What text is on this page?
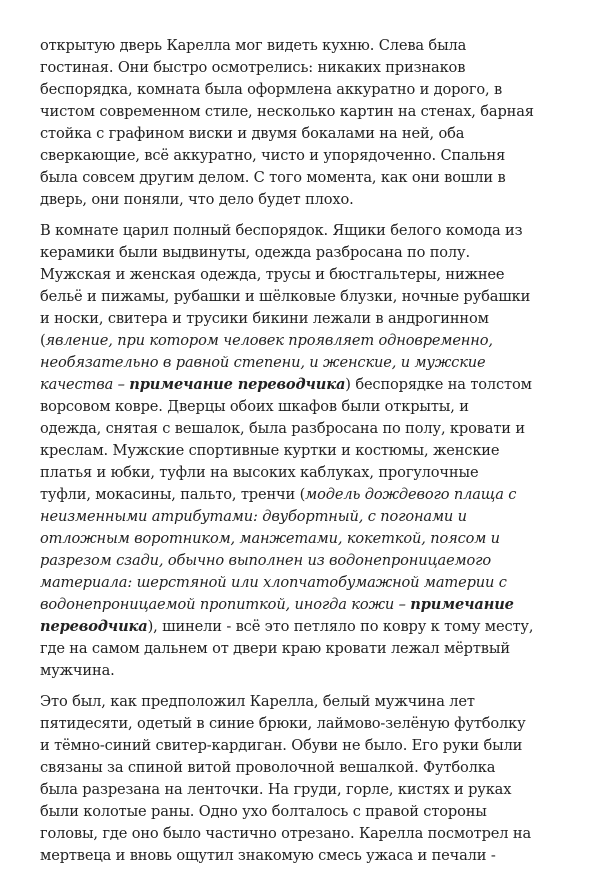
открытую дверь Карелла мог видеть кухню. Слева была
гостиная. Они быстро осмотрелись: никаких признаков
беспорядка, комната была оформлена аккуратно и дорого, в
чистом современном стиле, несколько картин на стенах, барная
стойка с графином виски и двумя бокалами на ней, оба
сверкающие, всё аккуратно, чисто и упорядоченно. Спальня
была совсем другим делом. С того момента, как они вошли в
дверь, они поняли, что дело будет плохо.

В комнате царил полный беспорядок. Ящики белого комода из
керамики были выдвинуты, одежда разбросана по полу.
Мужская и женская одежда, трусы и бюстгальтеры, нижнее
бельё и пижамы, рубашки и шёлковые блузки, ночные рубашки
и носки, свитера и трусики бикини лежали в андрогинном
(явление, при котором человек проявляет одновременно,
необязательно в равной степени, и женские, и мужские
качества – примечание переводчика) беспорядке на толстом
ворсовом ковре. Дверцы обоих шкафов были открыты, и
одежда, снятая с вешалок, была разбросана по полу, кровати и
креслам. Мужские спортивные куртки и костюмы, женские
платья и юбки, туфли на высоких каблуках, прогулочные
туфли, мокасины, пальто, тренчи (модель дождевого плаща с
неизменными атрибутами: двубортный, с погонами и
отложным воротником, манжетами, кокеткой, поясом и
разрезом сзади, обычно выполнен из водонепроницаемого
материала: шерстяной или хлопчатобумажной материи с
водонепроницаемой пропиткой, иногда кожи – примечание
переводчика), шинели - всё это петляло по ковру к тому месту,
где на самом дальнем от двери краю кровати лежал мёртвый
мужчина.

Это был, как предположил Карелла, белый мужчина лет
пятидесяти, одетый в синие брюки, лаймово-зелёную футболку
и тёмно-синий свитер-кардиган. Обуви не было. Его руки были
связаны за спиной витой проволочной вешалкой. Футболка
была разрезана на ленточки. На груди, горле, кистях и руках
были колотые раны. Одно ухо болталось с правой стороны
головы, где оно было частично отрезано. Карелла посмотрел на
мертвеца и вновь ощутил знакомую смесь ужаса и печали -
